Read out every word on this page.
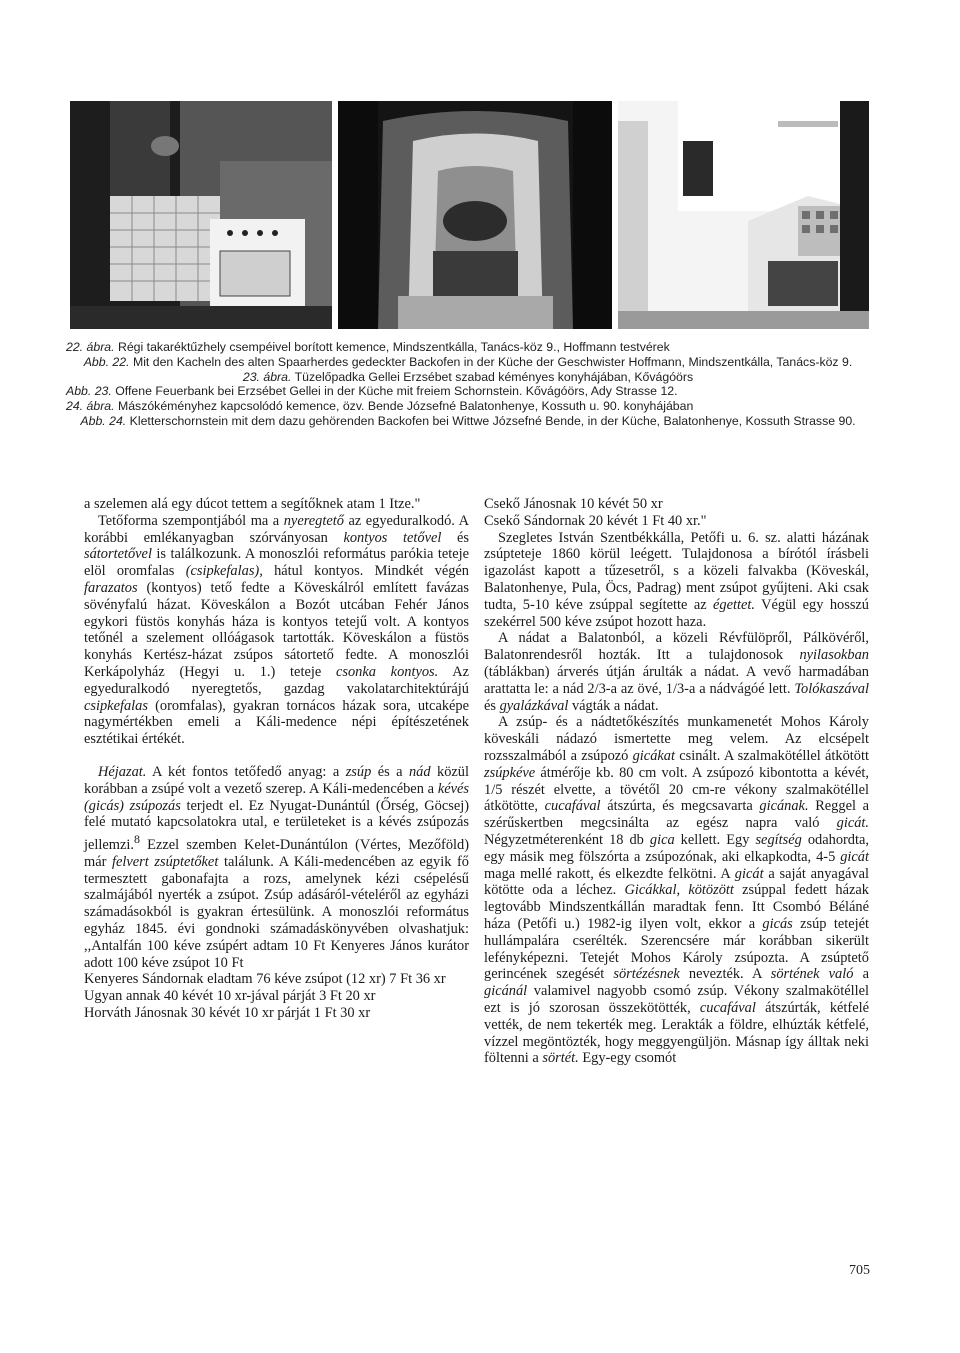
22. ábra. Régi takaréktűzhely csempéivel borított kemence, Mindszentkálla, Tanács-köz 9., Hoffmann testvérek

Abb. 22. Mit den Kacheln des alten Spaarherdes gedeckter Backofen in der Küche der Geschwister Hoffmann, Mindszentkálla, Tanács-köz 9.

23. ábra. Tüzelőpadka Gellei Erzsébet szabad kéményes konyhájában, Kővágóörs

Abb. 23. Offene Feuerbank bei Erzsébet Gellei in der Küche mit freiem Schornstein. Kővágóörs, Ady Strasse 12.

24. ábra. Mászókéményhez kapcsolódó kemence, özv. Bende Józsefné Balatonhenye, Kossuth u. 90. konyhájában

Abb. 24. Kletterschornstein mit dem dazu gehörenden Backofen bei Wittwe Józsefné Bende, in der Küche, Balatonhenye, Kossuth Strasse 90.

a szelemen alá egy dúcot tettem a segítőknek atam 1 Itze."

Tetőforma szempontjából ma a nyeregtető az egyeduralkodó. A korábbi emlékanyagban szórványosan kontyos tetővel és sátortetővel is találkozunk. A monoszlói református parókia teteje elöl oromfalas (csipkefalas), hátul kontyos. Mindkét végén farazatos (kontyos) tető fedte a Köveskálról említett favázas sövényfalú házat. Köveskálon a Bozót utcában Fehér János egykori füstös konyhás háza is kontyos tetejű volt. A kontyos tetőnél a szelement ollóágasok tartották. Köveskálon a füstös konyhás Kertész-házat zsúpos sátortető fedte. A monoszlói Kerkápolyház (Hegyi u. 1.) teteje csonka kontyos. Az egyeduralkodó nyeregtetős, gazdag vakolatarchitektúrájú csipkefalas (oromfalas), gyakran tornácos házak sora, utcaképe nagymértékben emeli a Káli-medence népi építészetének esztétikai értékét.

Héjazat. A két fontos tetőfedő anyag: a zsúp és a nád közül korábban a zsúpé volt a vezető szerep. A Káli-medencében a kévés (gicás) zsúpozás terjedt el. Ez Nyugat-Dunántúl (Őrség, Göcsej) felé mutató kapcsolatokra utal, e területeket is a kévés zsúpozás jellemzi.$^8$ Ezzel szemben Kelet-Dunántúlon (Vértes, Mezőföld) már felvert zsúptetőket találunk. A Káli-medencében az egyik fő termesztett gabonafajta a rozs, amelynek kézi csépelésű szalmájából nyerték a zsúpot. Zsúp adásáról-vételéről az egyházi számadásokból is gyakran értesülünk. A monoszlói református egyház 1845. évi gondnoki számadáskönyvében olvashatjuk: ,,Antalfán 100 kéve zsúpért adtam 10 Ft Kenyeres János kurátor adott 100 kéve zsúpot 10 Ft

Kenyeres Sándornak eladtam 76 kéve zsúpot (12 xr) 7 Ft 36 xr

Ugyan annak 40 kévét 10 xr-jával párját 3 Ft 20 xr

Horváth Jánosnak 30 kévét 10 xr párját 1 Ft 30 xr

Csekő Jánosnak 10 kévét 50 xr

Csekő Sándornak 20 kévét 1 Ft 40 xr."

Szegletes István Szentbékkálla, Petőfi u. 6. sz. alatti házának zsúpteteje 1860 körül leégett. Tulajdonosa a bírótól írásbeli igazolást kapott a tűzesetről, s a közeli falvakba (Köveskál, Balatonhenye, Pula, Öcs, Padrag) ment zsúpot gyűjteni. Aki csak tudta, 5-10 kéve zsúppal segítette az égettet. Végül egy hosszú szekérrel 500 kéve zsúpot hozott haza.

A nádat a Balatonból, a közeli Révfülöpről, Pálkövéről, Balatonrendesről hozták. Itt a tulajdonosok nyilasokban (táblákban) árverés útján árulták a nádat. A vevő harmadában arattatta le: a nád 2/3-a az övé, 1/3-a a nádvágóé lett. Tolókaszával és gyalázkával vágták a nádat.

A zsúp- és a nádtetőkészítés munkamenetét Mohos Károly köveskáli nádazó ismertette meg velem. Az elcsépelt rozsszalmából a zsúpozó gicákat csinált. A szalmakötéllel átkötött zsúpkéve átmérője kb. 80 cm volt. A zsúpozó kibontotta a kévét, 1/5 részét elvette, a tövétől 20 cm-re vékony szalmakötéllel átkötötte, cucafával átszúrta, és megcsavarta gicának. Reggel a szérűskertben megcsinálta az egész napra való gicát. Négyzetméterenként 18 db gica kellett. Egy segítség odahordta, egy másik meg fölszórta a zsúpozónak, aki elkapkodta, 4-5 gicát maga mellé rakott, és elkezdte felkötni. A gicát a saját anyagával kötötte oda a léchez. Gicákkal, kötözött zsúppal fedett házak legtovább Mindszentkállán maradtak fenn. Itt Csombó Béláné háza (Petőfi u.) 1982-ig ilyen volt, ekkor a gicás zsúp tetejét hullámpalára cserélték. Szerencsére már korábban sikerült lefényképezni. Tetejét Mohos Károly zsúpozta. A zsúptető gerincének szegését sörtézésnek nevezték. A sörtének való a gicánál valamivel nagyobb csomó zsúp. Vékony szalmakötéllel ezt is jó szorosan összekötötték, cucafával átszúrták, kétfelé vették, de nem tekerték meg. Lerakták a földre, elhúzták kétfelé, vízzel megöntözték, hogy meggyengüljön. Másnap így álltak neki föltenni a sörtét. Egy-egy csomót

705
